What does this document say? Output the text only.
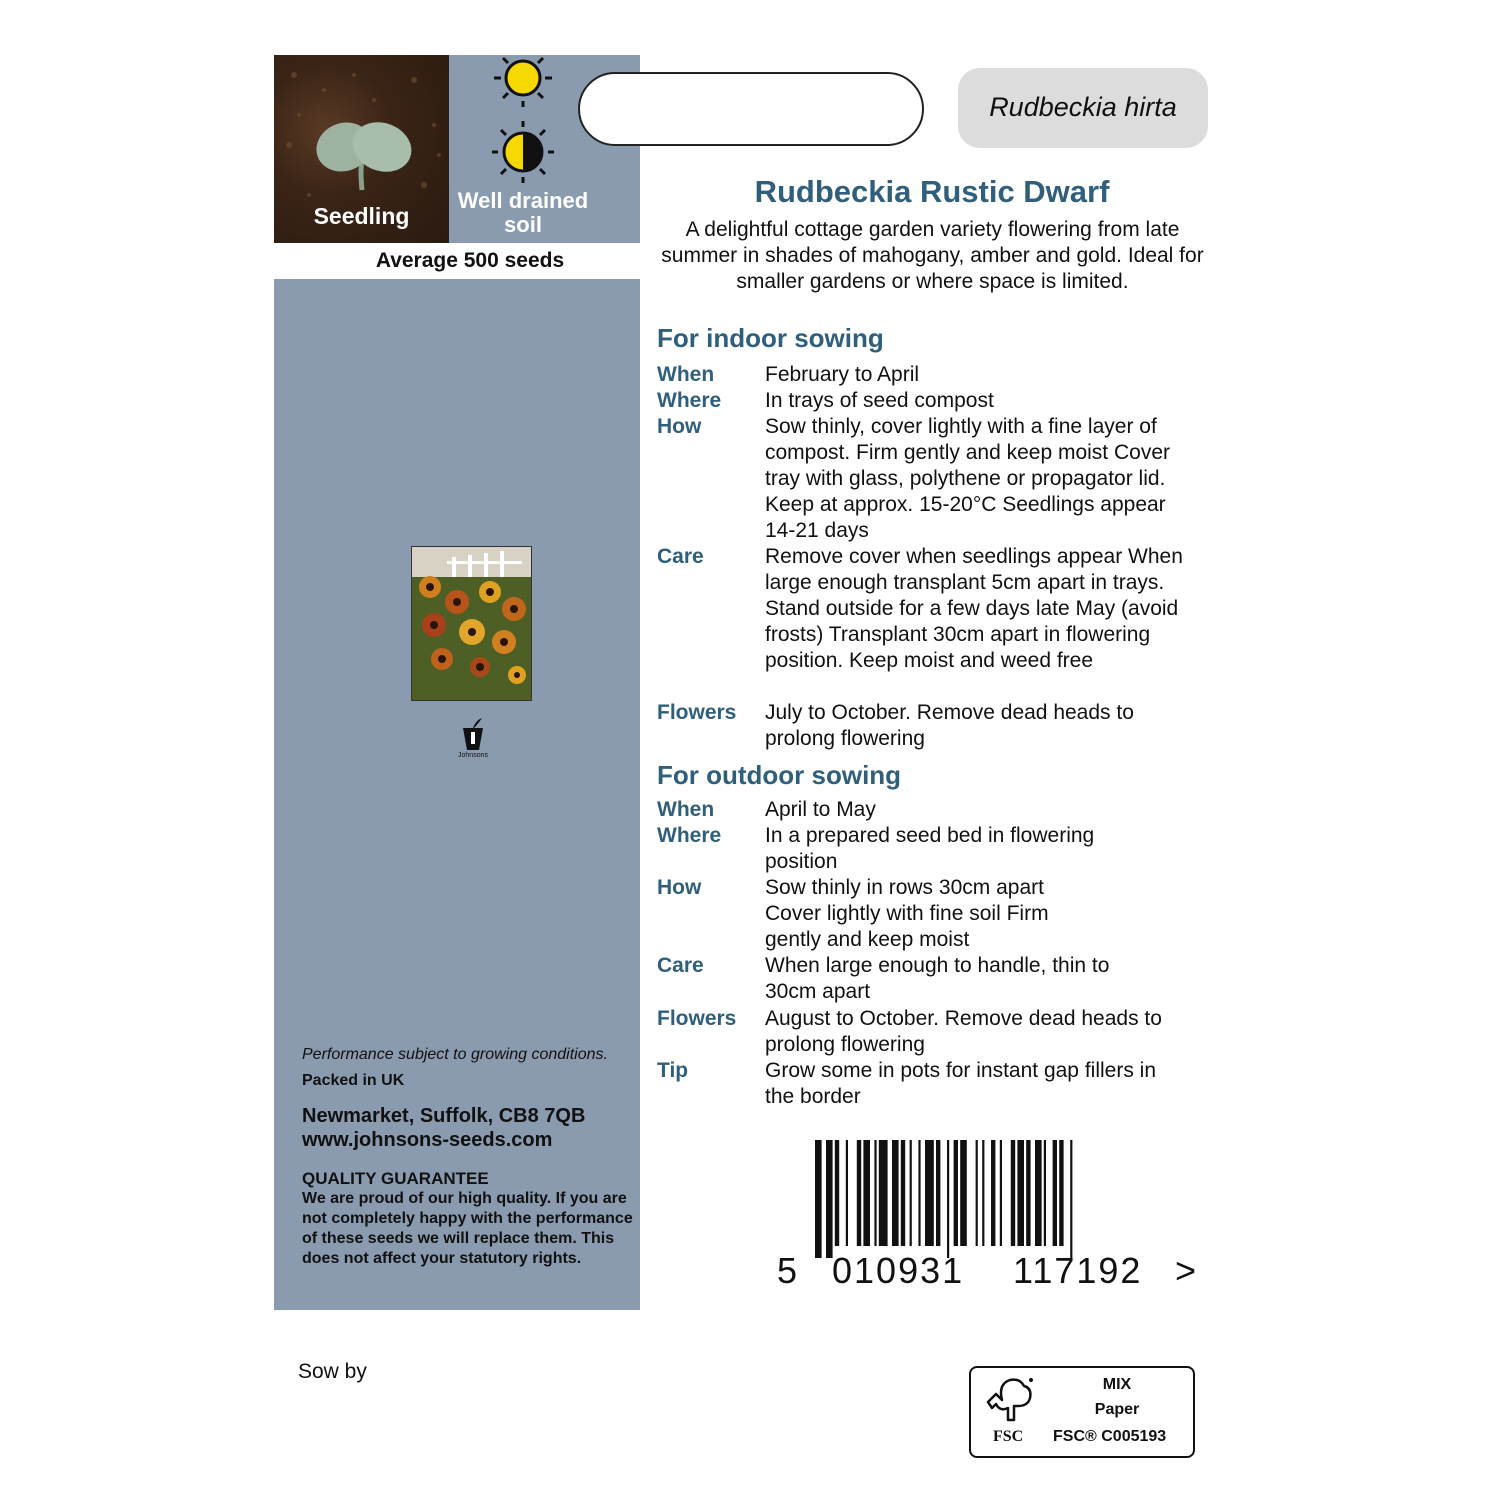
Seedling
Well drained soil
Average 500 seeds
Johnsons
Performance subject to growing conditions.
Packed in UK
Newmarket, Suffolk, CB8 7QB
www.johnsons-seeds.com
QUALITY GUARANTEE
We are proud of our high quality. If you are not completely happy with the performance of these seeds we will replace them. This does not affect your statutory rights.
Rudbeckia hirta
Rudbeckia Rustic Dwarf
A delightful cottage garden variety flowering from late summer in shades of mahogany, amber and gold. Ideal for smaller gardens or where space is limited.
For indoor sowing
When February to April
Where In trays of seed compost
How	Sow thinly, cover lightly with a fine layer of compost. Firm gently and keep moist Cover tray with glass, polythene or propagator lid. Keep at approx. 15-20°C Seedlings appear 14-21 days
Care	Remove cover when seedlings appear When large enough transplant 5cm apart in trays. Stand outside for a few days late May (avoid frosts) Transplant 30cm apart in flowering position. Keep moist and weed free
Flowers July to October. Remove dead heads to prolong flowering
For outdoor sowing
When April to May
Where In a prepared seed bed in flowering position
How	Sow thinly in rows 30cm apart Cover lightly with fine soil Firm gently and keep moist
Care	When large enough to handle, thin to 30cm apart
Flowers August to October. Remove dead heads to prolong flowering
Tip	Grow some in pots for instant gap fillers in the border
5 010931 117192 >
Sow by
FSC
MIX
Paper
FSC® C005193
